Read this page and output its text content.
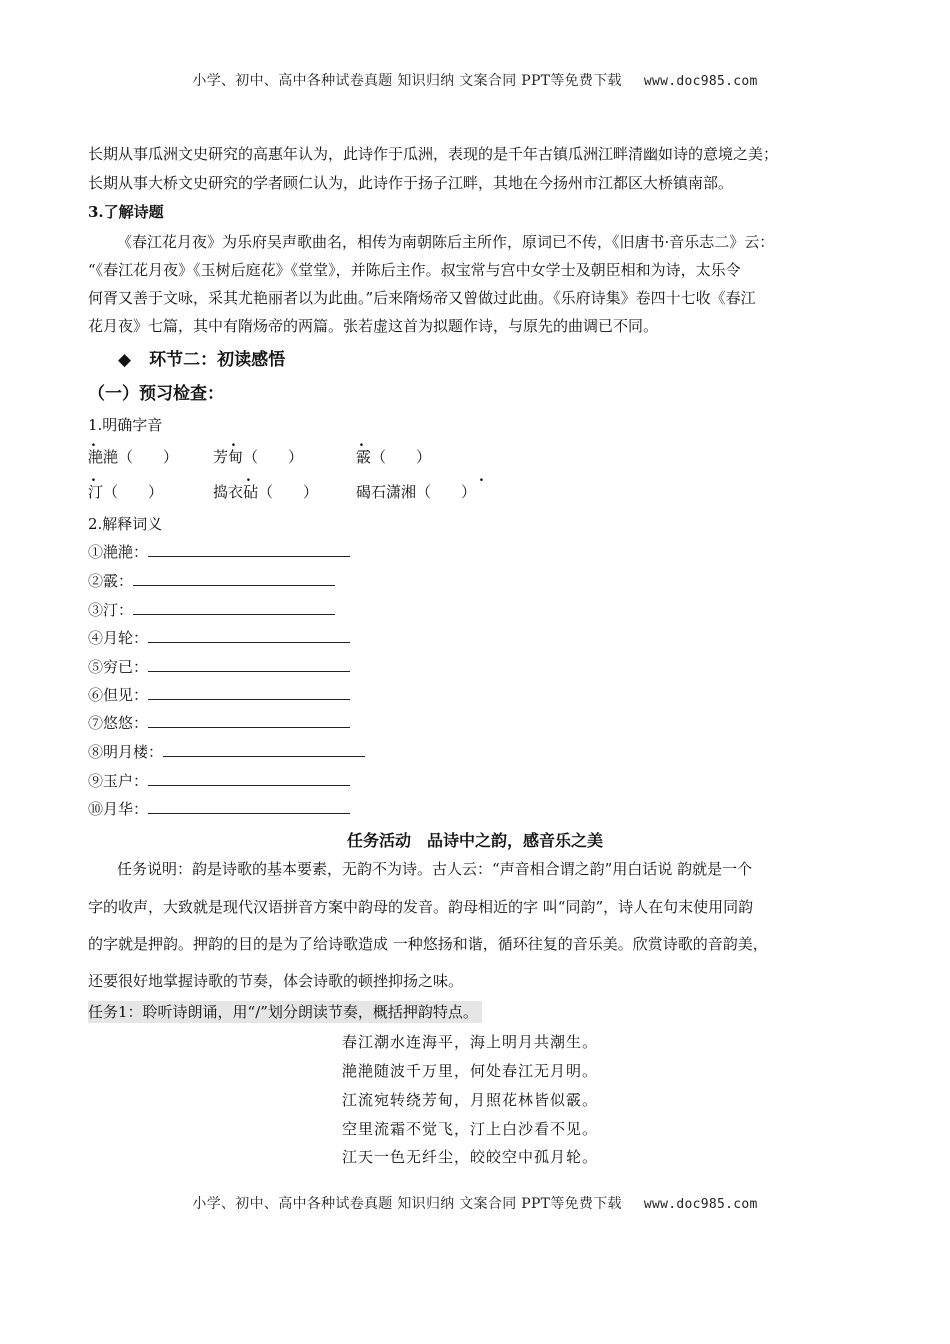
小学、初中、高中各种试卷真题 知识归纳 文案合同 PPT等免费下载 www.doc985.com
长期从事瓜洲文史研究的高惠年认为，此诗作于瓜洲，表现的是千年古镇瓜洲江畔清幽如诗的意境之美；
长期从事大桥文史研究的学者顾仁认为，此诗作于扬子江畔，其地在今扬州市江都区大桥镇南部。
3.了解诗题
《春江花月夜》为乐府吴声歌曲名，相传为南朝陈后主所作，原词已不传，《旧唐书·音乐志二》云：
“《春江花月夜》《玉树后庭花》《堂堂》，并陈后主作。叔宝常与宫中女学士及朝臣相和为诗，太乐令
何胥又善于文咏，采其尤艳丽者以为此曲。”后来隋炀帝又曾做过此曲。《乐府诗集》卷四十七收《春江
花月夜》七篇，其中有隋炀帝的两篇。张若虚这首为拟题作诗，与原先的曲调已不同。
◆ 环节二：初读感悟
（一）预习检查：
1.明确字音
滟滟（　　） 芳甸（　　）	霰（　　）
汀（　　）	捣衣砧（　　）	碣石潇湘（　　）
2.解释词义
①滟滟：
②霰：
③汀：
④月轮：
⑤穷已：
⑥但见：
⑦悠悠：
⑧明月楼：
⑨玉户：
⑩月华：
任务活动　品诗中之韵，感音乐之美
任务说明：韵是诗歌的基本要素，无韵不为诗。古人云：“声音相合谓之韵”用白话说 韵就是一个
字的收声，大致就是现代汉语拼音方案中韵母的发音。韵母相近的字 叫“同韵”，诗人在句末使用同韵
的字就是押韵。押韵的目的是为了给诗歌造成 一种悠扬和谐，循环往复的音乐美。欣赏诗歌的音韵美，
还要很好地掌握诗歌的节奏，体会诗歌的顿挫抑扬之味。
任务1：聆听诗朗诵，用“/”划分朗读节奏，概括押韵特点。
春江潮水连海平，海上明月共潮生。
滟滟随波千万里，何处春江无月明。
江流宛转绕芳甸，月照花林皆似霰。
空里流霜不觉飞，汀上白沙看不见。
江天一色无纤尘，皎皎空中孤月轮。
小学、初中、高中各种试卷真题 知识归纳 文案合同 PPT等免费下载 www.doc985.com
